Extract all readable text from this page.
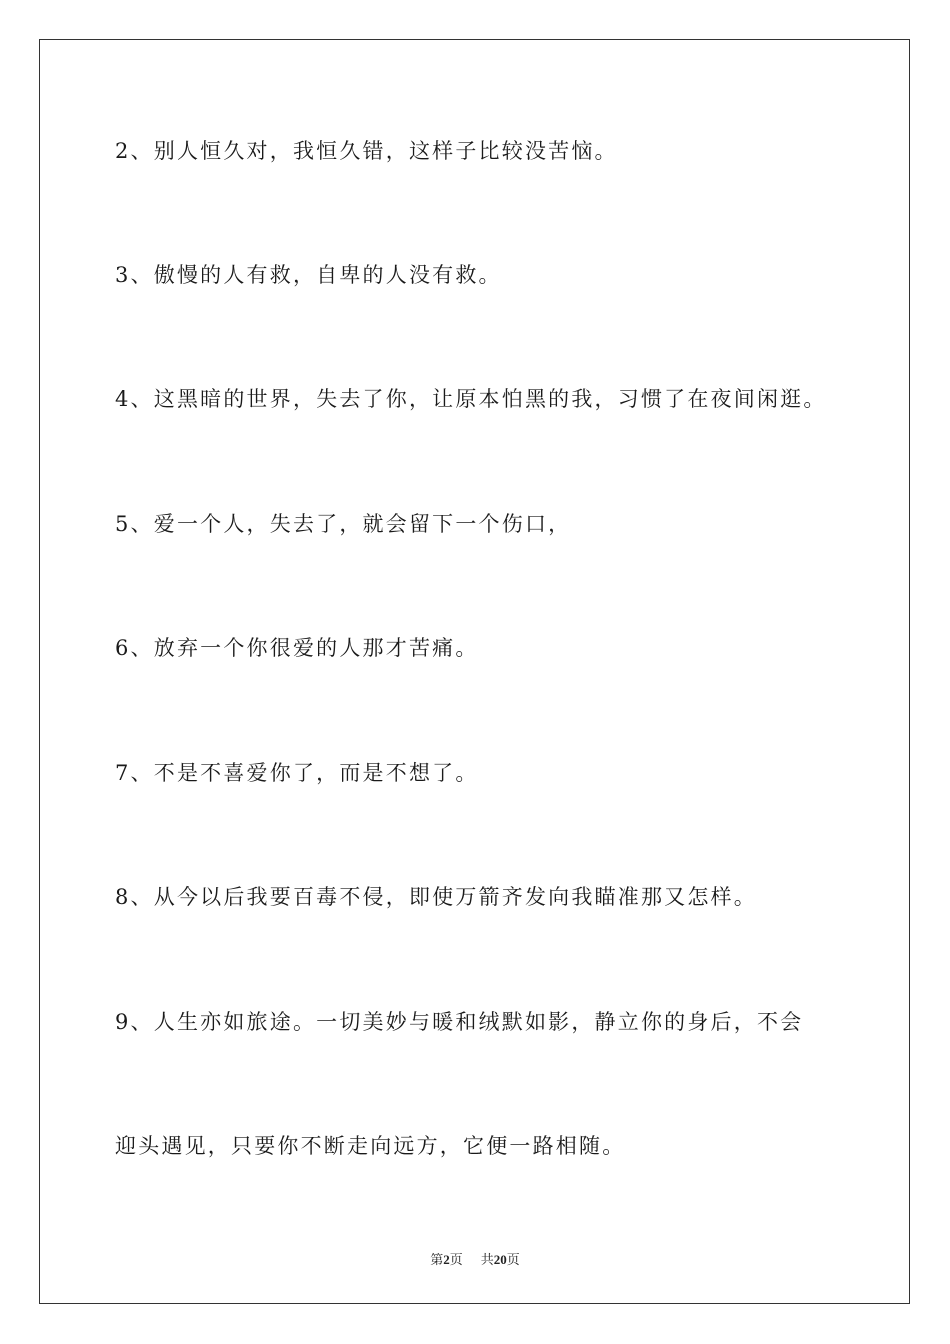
2、别人恒久对，我恒久错，这样子比较没苦恼。
3、傲慢的人有救，自卑的人没有救。
4、这黑暗的世界，失去了你，让原本怕黑的我，习惯了在夜间闲逛。
5、爱一个人，失去了，就会留下一个伤口，
6、放弃一个你很爱的人那才苦痛。
7、不是不喜爱你了，而是不想了。
8、从今以后我要百毒不侵，即使万箭齐发向我瞄准那又怎样。
9、人生亦如旅途。一切美妙与暖和绒默如影，静立你的身后，不会
迎头遇见，只要你不断走向远方，它便一路相随。
第2页 共20页
